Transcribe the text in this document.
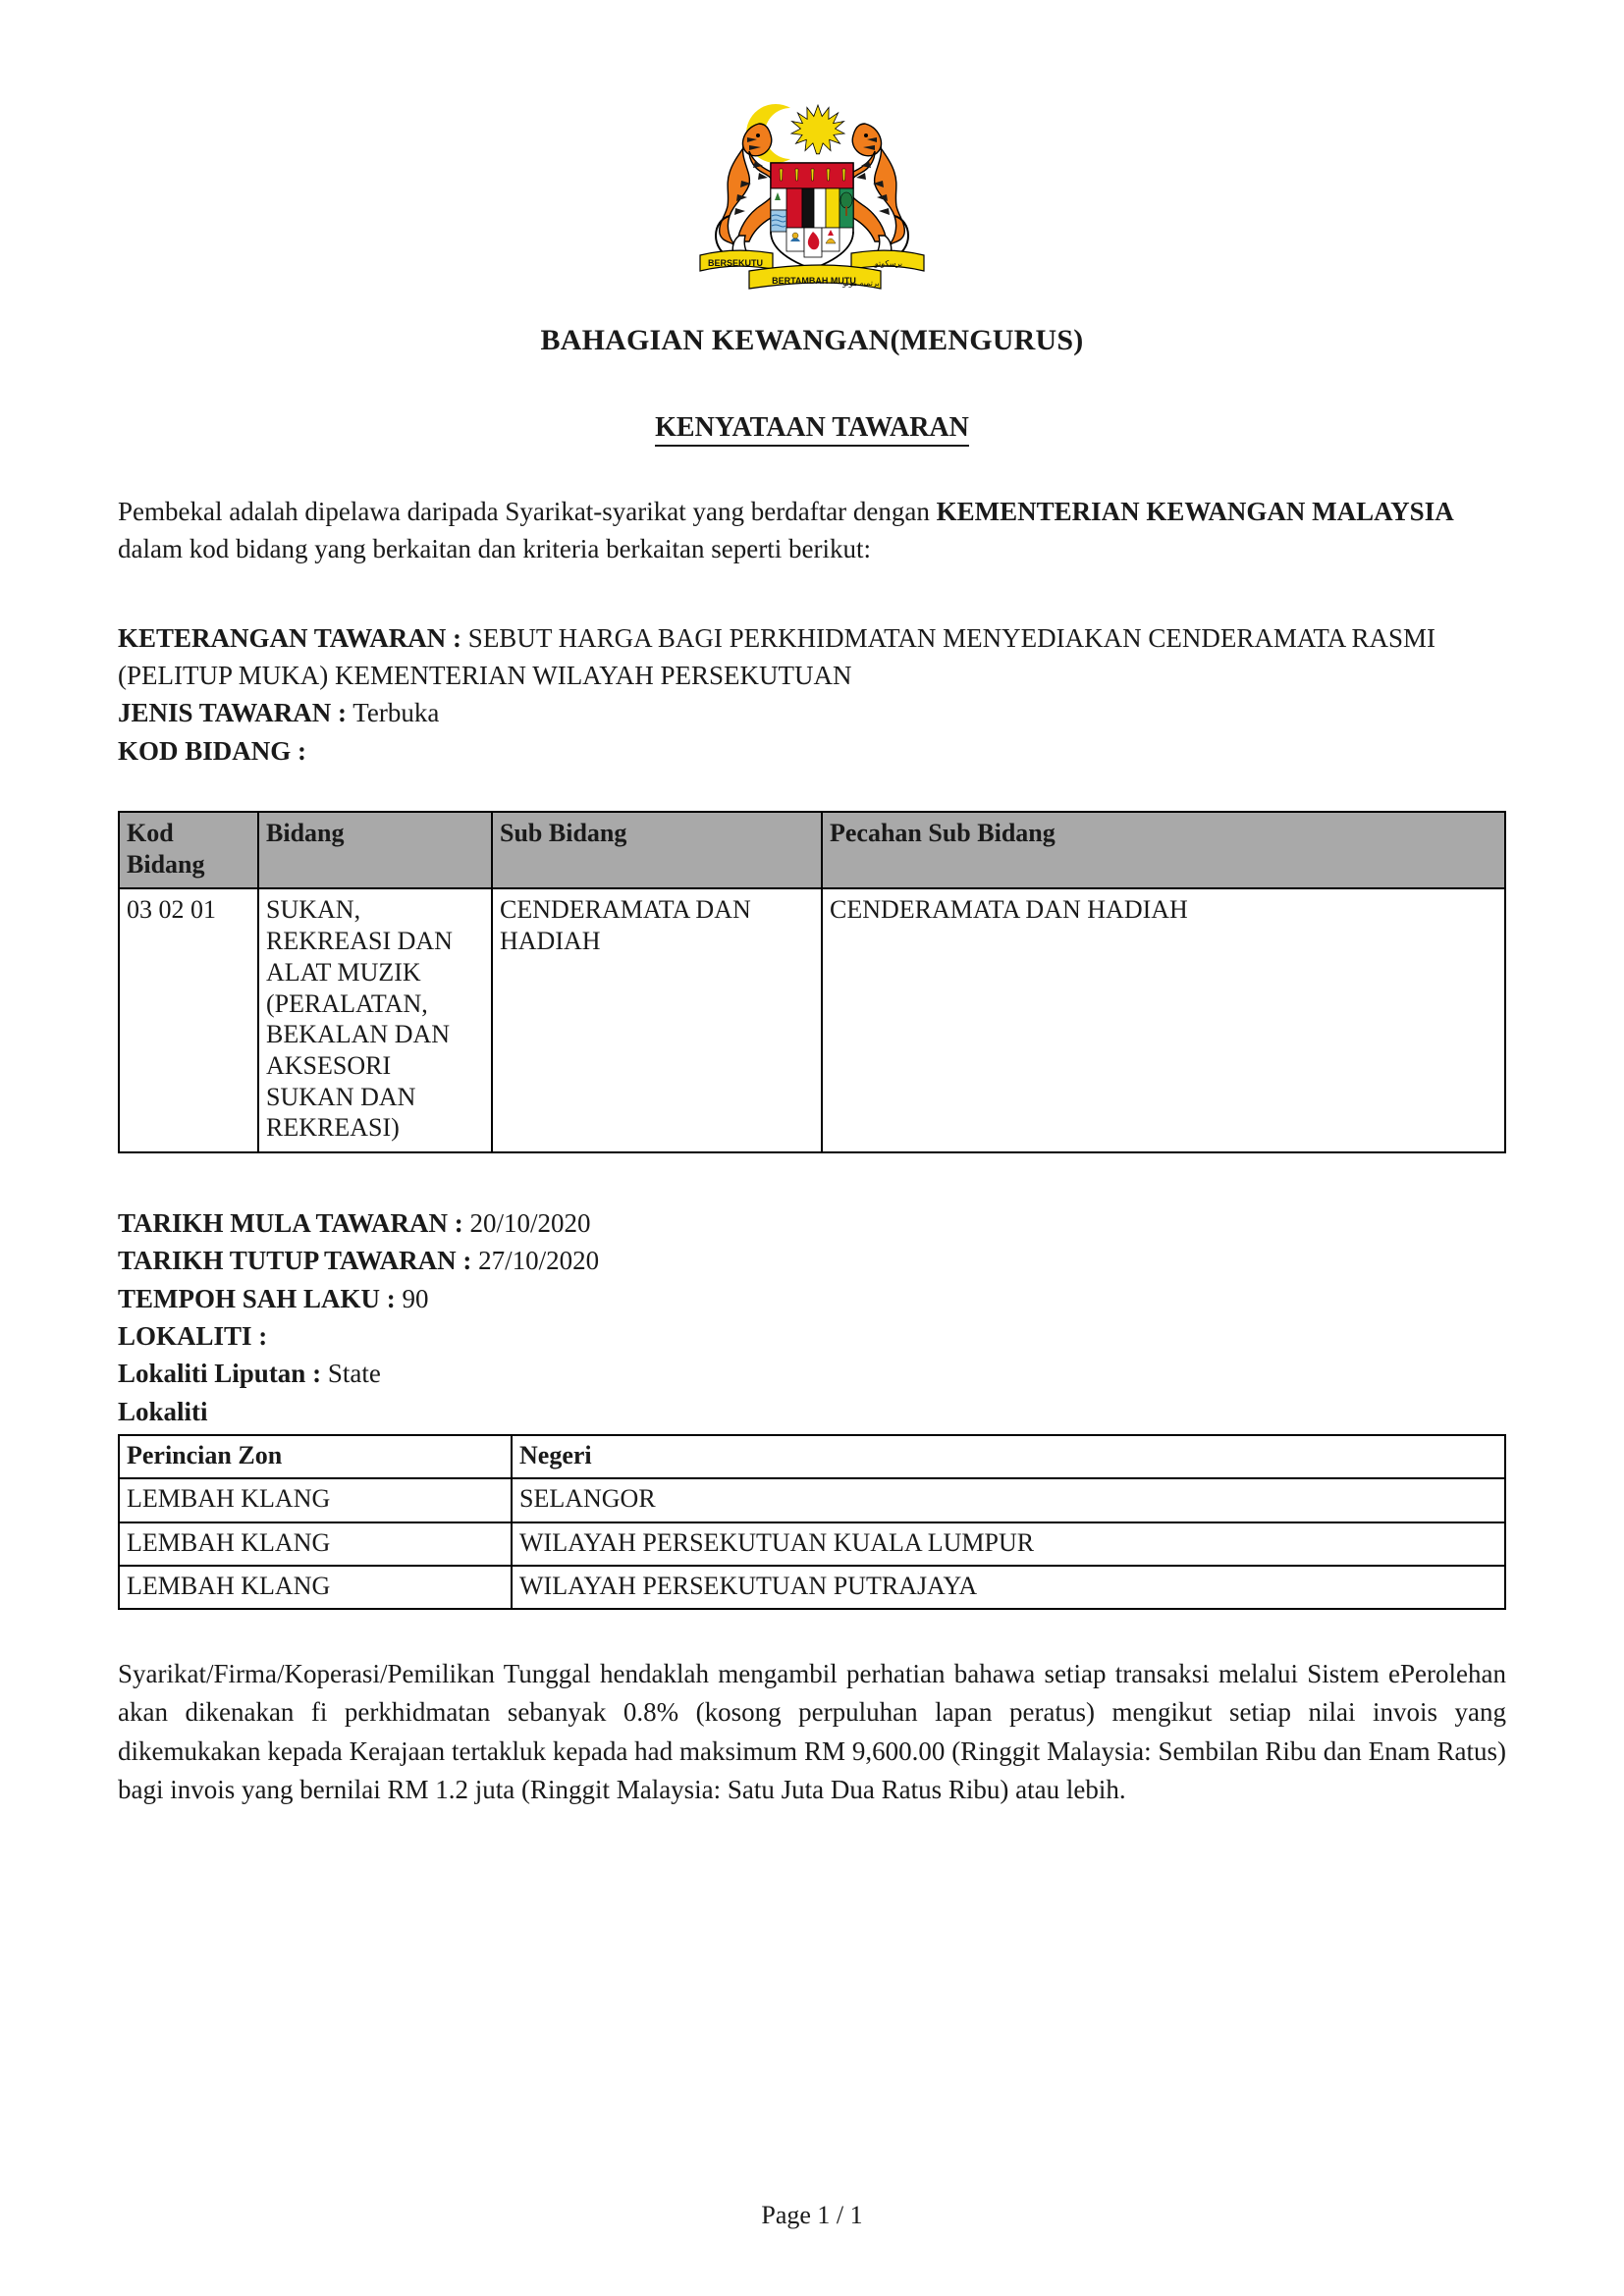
BERSEKUTU
BERTAMBAH MUTU
برسكوتو
برتمبه موتو
BAHAGIAN KEWANGAN(MENGURUS)
KENYATAAN TAWARAN

Pembekal adalah dipelawa daripada Syarikat-syarikat yang berdaftar dengan KEMENTERIAN KEWANGAN MALAYSIA dalam kod bidang yang berkaitan dan kriteria berkaitan seperti berikut:

KETERANGAN TAWARAN : SEBUT HARGA BAGI PERKHIDMATAN MENYEDIAKAN CENDERAMATA RASMI (PELITUP MUKA) KEMENTERIAN WILAYAH PERSEKUTUAN
JENIS TAWARAN : Terbuka
KOD BIDANG :
Kod Bidang	Bidang	Sub Bidang	Pecahan Sub Bidang
03 02 01	SUKAN, REKREASI DAN ALAT MUZIK (PERALATAN, BEKALAN DAN AKSESORI SUKAN DAN REKREASI)	CENDERAMATA DAN HADIAH	CENDERAMATA DAN HADIAH
TARIKH MULA TAWARAN : 20/10/2020
TARIKH TUTUP TAWARAN : 27/10/2020
TEMPOH SAH LAKU : 90
LOKALITI :
Lokaliti Liputan : State
Lokaliti
Perincian Zon	Negeri
LEMBAH KLANG	SELANGOR
LEMBAH KLANG	WILAYAH PERSEKUTUAN KUALA LUMPUR
LEMBAH KLANG	WILAYAH PERSEKUTUAN PUTRAJAYA

Syarikat/Firma/Koperasi/Pemilikan Tunggal hendaklah mengambil perhatian bahawa setiap transaksi melalui Sistem ePerolehan akan dikenakan fi perkhidmatan sebanyak 0.8% (kosong perpuluhan lapan peratus) mengikut setiap nilai invois yang dikemukakan kepada Kerajaan tertakluk kepada had maksimum RM 9,600.00 (Ringgit Malaysia: Sembilan Ribu dan Enam Ratus) bagi invois yang bernilai RM 1.2 juta (Ringgit Malaysia: Satu Juta Dua Ratus Ribu) atau lebih.

Page 1 / 1
